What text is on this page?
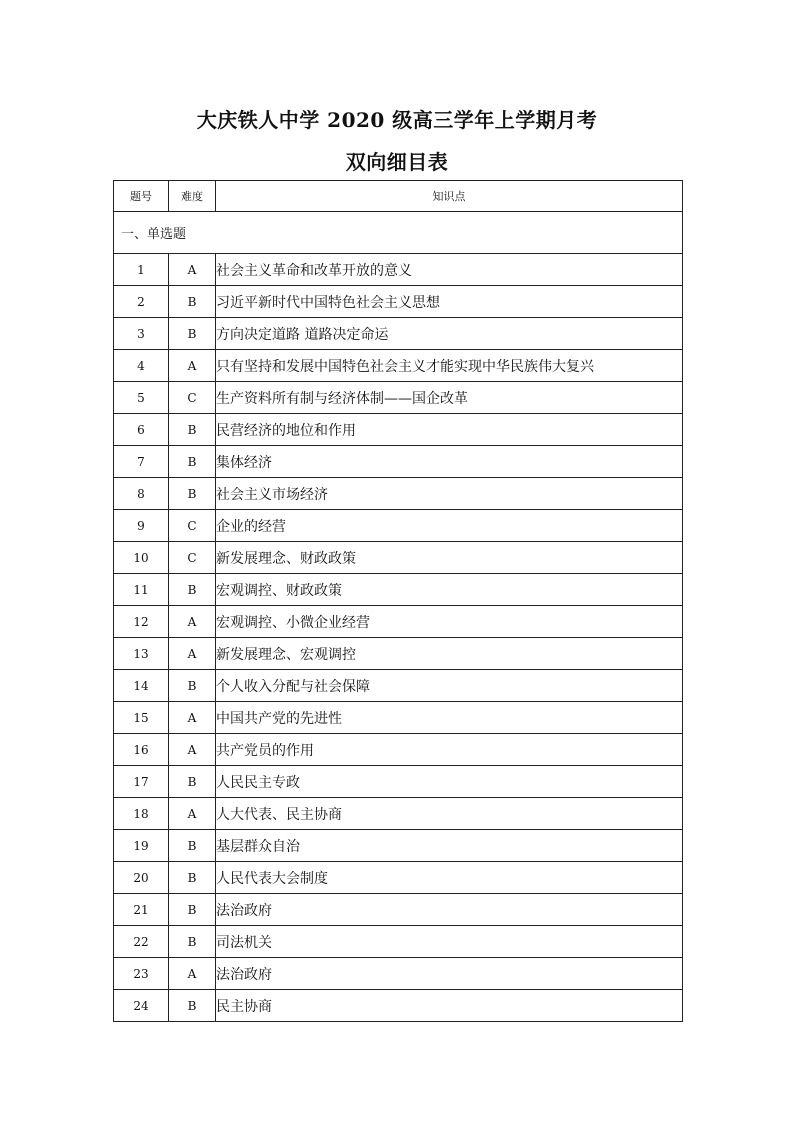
大庆铁人中学 2020 级高三学年上学期月考
双向细目表
题号	难度	知识点
一、单选题		
1	A	社会主义革命和改革开放的意义
2	B	习近平新时代中国特色社会主义思想
3	B	方向决定道路 道路决定命运
4	A	只有坚持和发展中国特色社会主义才能实现中华民族伟大复兴
5	C	生产资料所有制与经济体制——国企改革
6	B	民营经济的地位和作用
7	B	集体经济
8	B	社会主义市场经济
9	C	企业的经营
10	C	新发展理念、财政政策
11	B	宏观调控、财政政策
12	A	宏观调控、小微企业经营
13	A	新发展理念、宏观调控
14	B	个人收入分配与社会保障
15	A	中国共产党的先进性
16	A	共产党员的作用
17	B	人民民主专政
18	A	人大代表、民主协商
19	B	基层群众自治
20	B	人民代表大会制度
21	B	法治政府
22	B	司法机关
23	A	法治政府
24	B	民主协商
